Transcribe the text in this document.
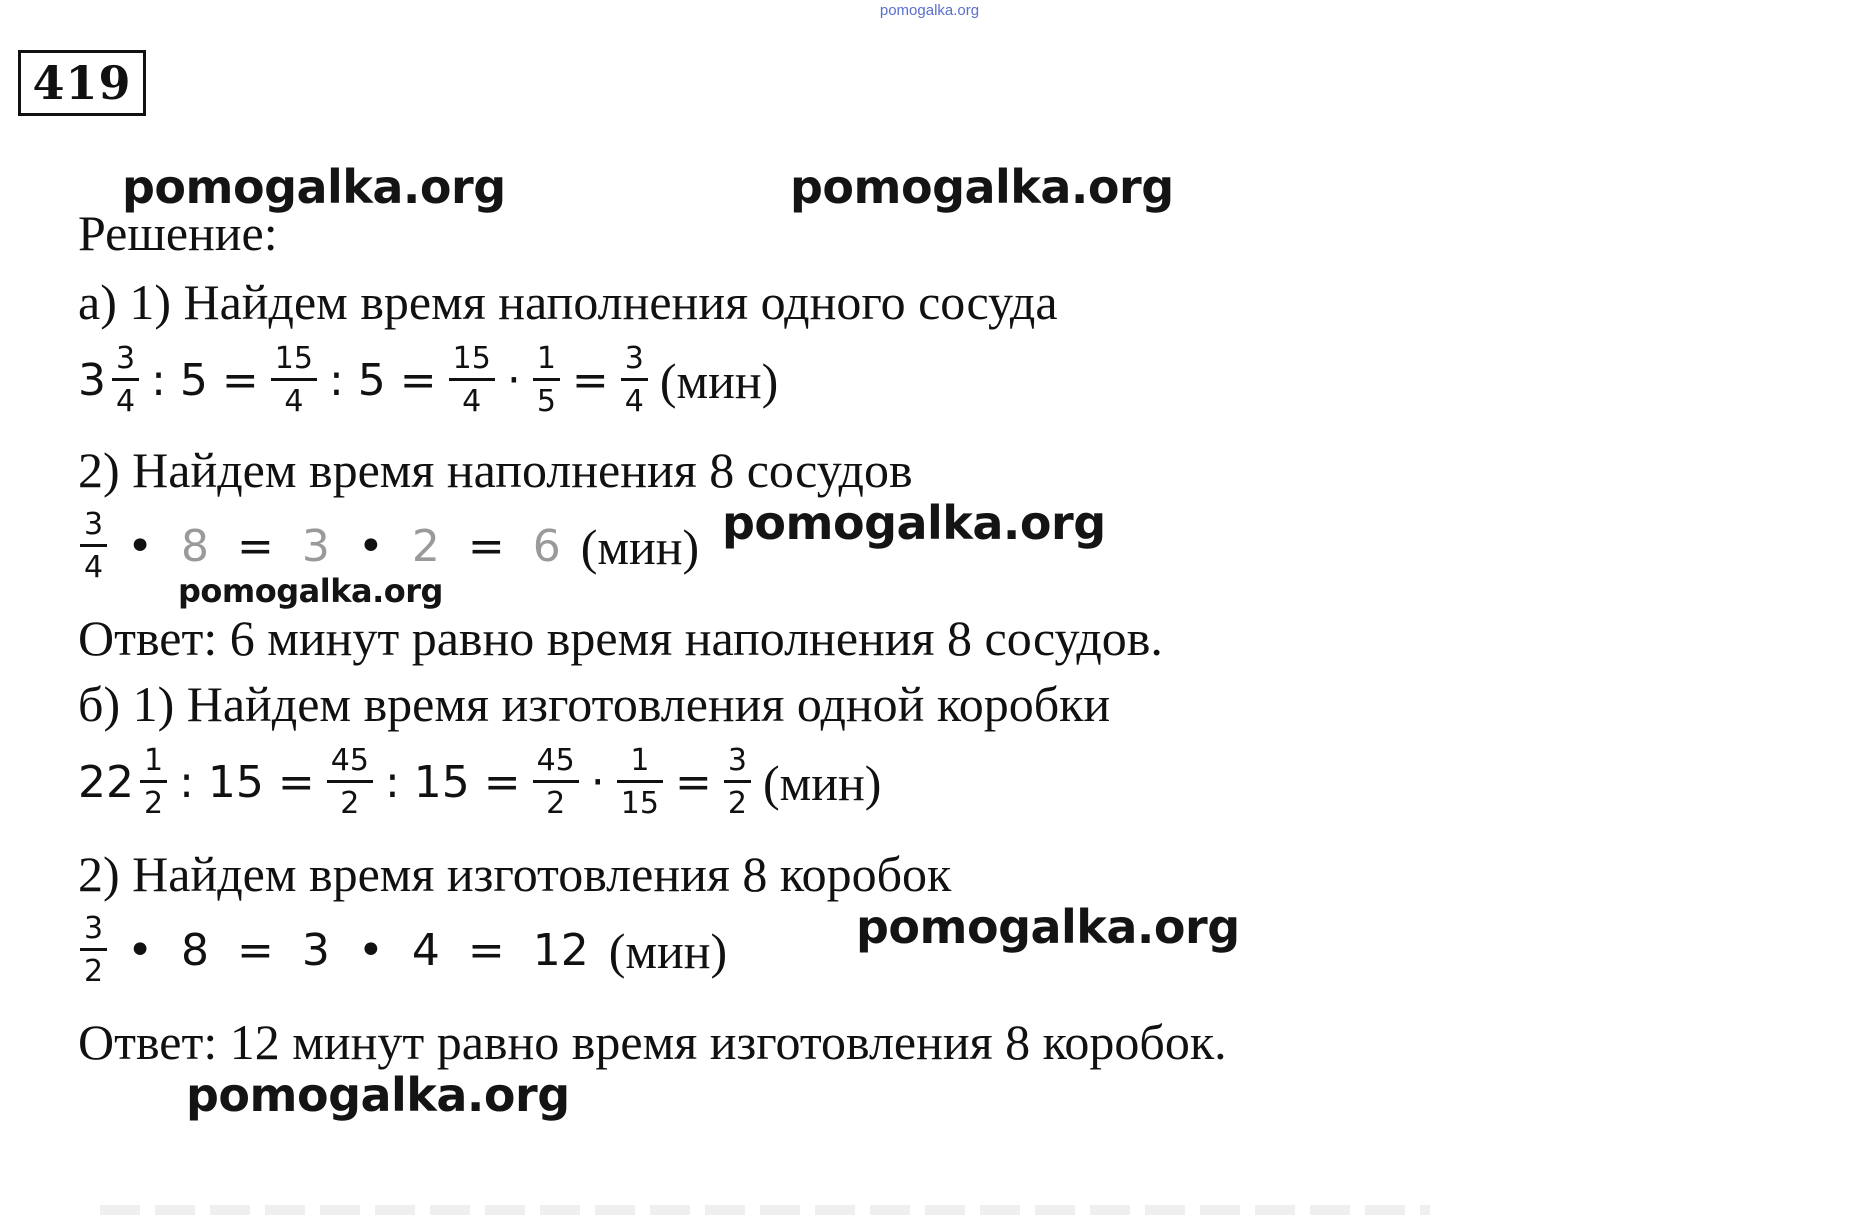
pomogalka.org
419
pomogalka.org	pomogalka.org
pomogalka.org
pomogalka.org
pomogalka.org
pomogalka.org
Решение:
а) 1) Найдем время наполнения одного сосуда
$3 \frac{3}{4}$ : $5 = \frac{15}{4}$ : $5 = \frac{15}{4} \cdot \frac{1}{5} = \frac{3}{4} (мин)$
2) Найдем время наполнения 8 сосудов
$\frac{3}{4}$ • 8 = 3 • 2 = 6 (мин)
Ответ: 6 минут равно время наполнения 8 сосудов.
б) 1) Найдем время изготовления одной коробки
$22 \frac{1}{2}$ : $15 = \frac{45}{2}$ : $15 = \frac{45}{2} \cdot \frac{1}{15} = \frac{3}{2} (мин)$
2) Найдем время изготовления 8 коробок
$\frac{3}{2}$ • 8 = 3 • 4 = 12 (мин)
Ответ: 12 минут равно время изготовления 8 коробок.
